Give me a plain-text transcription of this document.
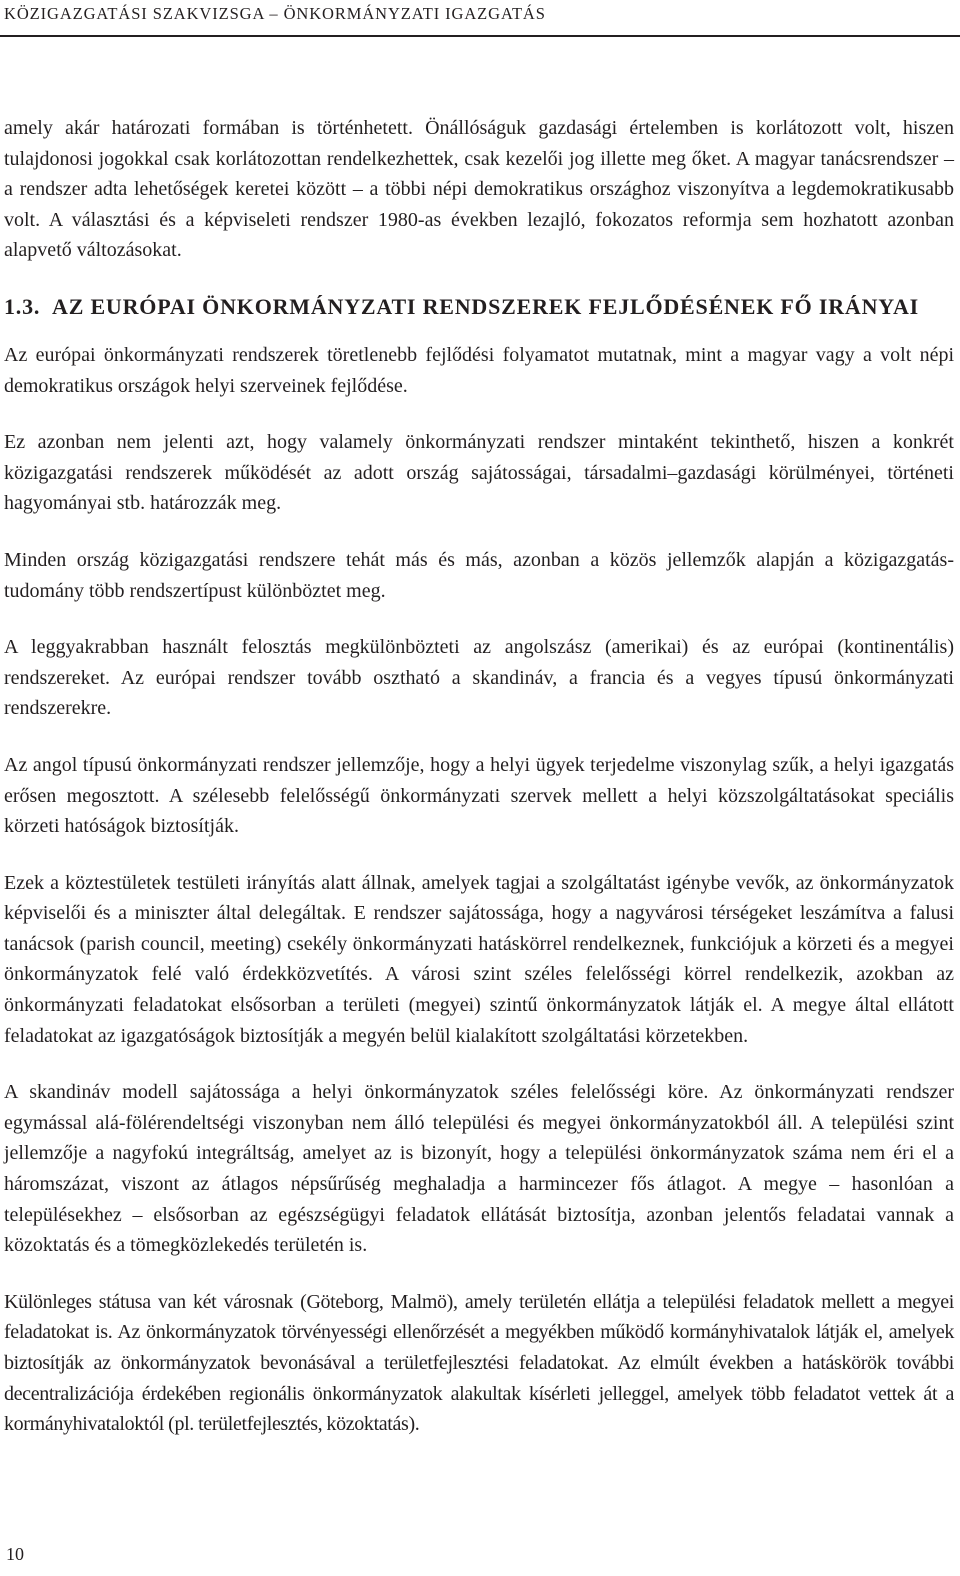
KÖZIGAZGATÁSI SZAKVIZSGA – ÖNKORMÁNYZATI IGAZGATÁS

amely akár határozati formában is történhetett. Önállóságuk gazdasági értelemben is korlátozott volt, hiszen tulajdonosi jogokkal csak korlátozottan rendelkezhettek, csak kezelői jog illette meg őket. A magyar tanácsrendszer – a rendszer adta lehetőségek keretei között – a többi népi demokratikus országhoz viszonyítva a legdemokratikusabb volt. A választási és a képviseleti rendszer 1980-as években lezajló, fokozatos reformja sem hozhatott azonban alapvető változásokat.

1.3. AZ EURÓPAI ÖNKORMÁNYZATI RENDSZEREK FEJLŐDÉSÉNEK FŐ IRÁNYAI

Az európai önkormányzati rendszerek töretlenebb fejlődési folyamatot mutatnak, mint a magyar vagy a volt népi demokratikus országok helyi szerveinek fejlődése.

Ez azonban nem jelenti azt, hogy valamely önkormányzati rendszer mintaként tekinthető, hiszen a konkrét közigazgatási rendszerek működését az adott ország sajátosságai, társadalmi–gazdasági körülményei, történeti hagyományai stb. határozzák meg.

Minden ország közigazgatási rendszere tehát más és más, azonban a közös jellemzők alapján a közigazgatás-tudomány több rendszertípust különböztet meg.

A leggyakrabban használt felosztás megkülönbözteti az angolszász (amerikai) és az európai (kontinentális) rendszereket. Az európai rendszer tovább osztható a skandináv, a francia és a vegyes típusú önkormányzati rendszerekre.

Az angol típusú önkormányzati rendszer jellemzője, hogy a helyi ügyek terjedelme viszonylag szűk, a helyi igazgatás erősen megosztott. A szélesebb felelősségű önkormányzati szervek mellett a helyi közszolgáltatásokat speciális körzeti hatóságok biztosítják.

Ezek a köztestületek testületi irányítás alatt állnak, amelyek tagjai a szolgáltatást igénybe vevők, az önkormányzatok képviselői és a miniszter által delegáltak. E rendszer sajátossága, hogy a nagyvárosi térségeket leszámítva a falusi tanácsok (parish council, meeting) csekély önkormányzati hatáskörrel rendelkeznek, funkciójuk a körzeti és a megyei önkormányzatok felé való érdekközvetítés. A városi szint széles felelősségi körrel rendelkezik, azokban az önkormányzati feladatokat elsősorban a területi (megyei) szintű önkormányzatok látják el. A megye által ellátott feladatokat az igazgatóságok biztosítják a megyén belül kialakított szolgáltatási körzetekben.

A skandináv modell sajátossága a helyi önkormányzatok széles felelősségi köre. Az önkormányzati rendszer egymással alá-fölérendeltségi viszonyban nem álló települési és megyei önkormányzatokból áll. A települési szint jellemzője a nagyfokú integráltság, amelyet az is bizonyít, hogy a települési önkormányzatok száma nem éri el a háromszázat, viszont az átlagos népsűrűség meghaladja a harmincezer fős átlagot. A megye – hasonlóan a településekhez – elsősorban az egészségügyi feladatok ellátását biztosítja, azonban jelentős feladatai vannak a közoktatás és a tömegközlekedés területén is.

Különleges státusa van két városnak (Göteborg, Malmö), amely területén ellátja a települési feladatok mellett a megyei feladatokat is. Az önkormányzatok törvényességi ellenőrzését a megyékben működő kormányhivatalok látják el, amelyek biztosítják az önkormányzatok bevonásával a területfejlesztési feladatokat. Az elmúlt években a hatáskörök további decentralizációja érdekében regionális önkormányzatok alakultak kísérleti jelleggel, amelyek több feladatot vettek át a kormányhivataloktól (pl. területfejlesztés, közoktatás).

10
